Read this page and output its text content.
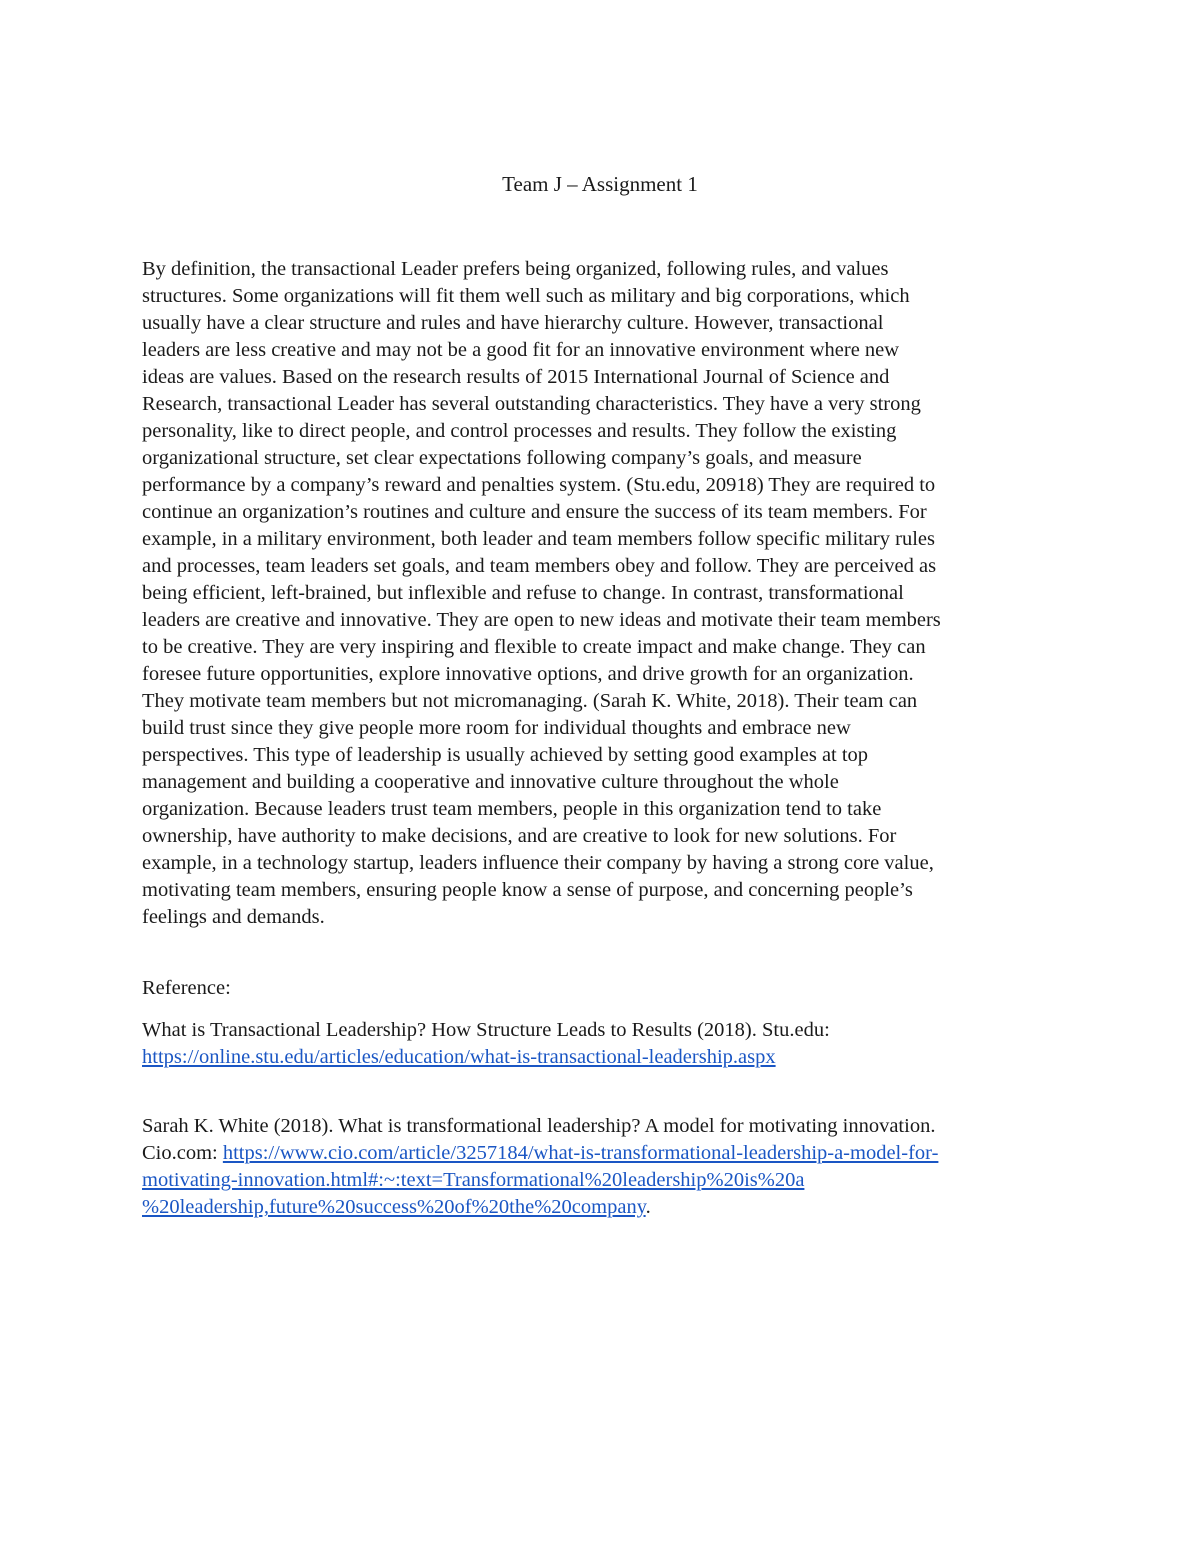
Team J – Assignment 1
By definition, the transactional Leader prefers being organized, following rules, and values
structures. Some organizations will fit them well such as military and big corporations, which
usually have a clear structure and rules and have hierarchy culture. However, transactional
leaders are less creative and may not be a good fit for an innovative environment where new
ideas are values. Based on the research results of 2015 International Journal of Science and
Research, transactional Leader has several outstanding characteristics. They have a very strong
personality, like to direct people, and control processes and results. They follow the existing
organizational structure, set clear expectations following company’s goals, and measure
performance by a company’s reward and penalties system. (Stu.edu, 20918) They are required to
continue an organization’s routines and culture and ensure the success of its team members. For
example, in a military environment, both leader and team members follow specific military rules
and processes, team leaders set goals, and team members obey and follow. They are perceived as
being efficient, left-brained, but inflexible and refuse to change. In contrast, transformational
leaders are creative and innovative. They are open to new ideas and motivate their team members
to be creative. They are very inspiring and flexible to create impact and make change. They can
foresee future opportunities, explore innovative options, and drive growth for an organization.
They motivate team members but not micromanaging. (Sarah K. White, 2018). Their team can
build trust since they give people more room for individual thoughts and embrace new
perspectives. This type of leadership is usually achieved by setting good examples at top
management and building a cooperative and innovative culture throughout the whole
organization. Because leaders trust team members, people in this organization tend to take
ownership, have authority to make decisions, and are creative to look for new solutions. For
example, in a technology startup, leaders influence their company by having a strong core value,
motivating team members, ensuring people know a sense of purpose, and concerning people’s
feelings and demands.
Reference:
What is Transactional Leadership? How Structure Leads to Results (2018). Stu.edu:
https://online.stu.edu/articles/education/what-is-transactional-leadership.aspx
Sarah K. White (2018). What is transformational leadership? A model for motivating innovation.
Cio.com: https://www.cio.com/article/3257184/what-is-transformational-leadership-a-model-for-
motivating-innovation.html#:~:text=Transformational%20leadership%20is%20a
%20leadership,future%20success%20of%20the%20company.
